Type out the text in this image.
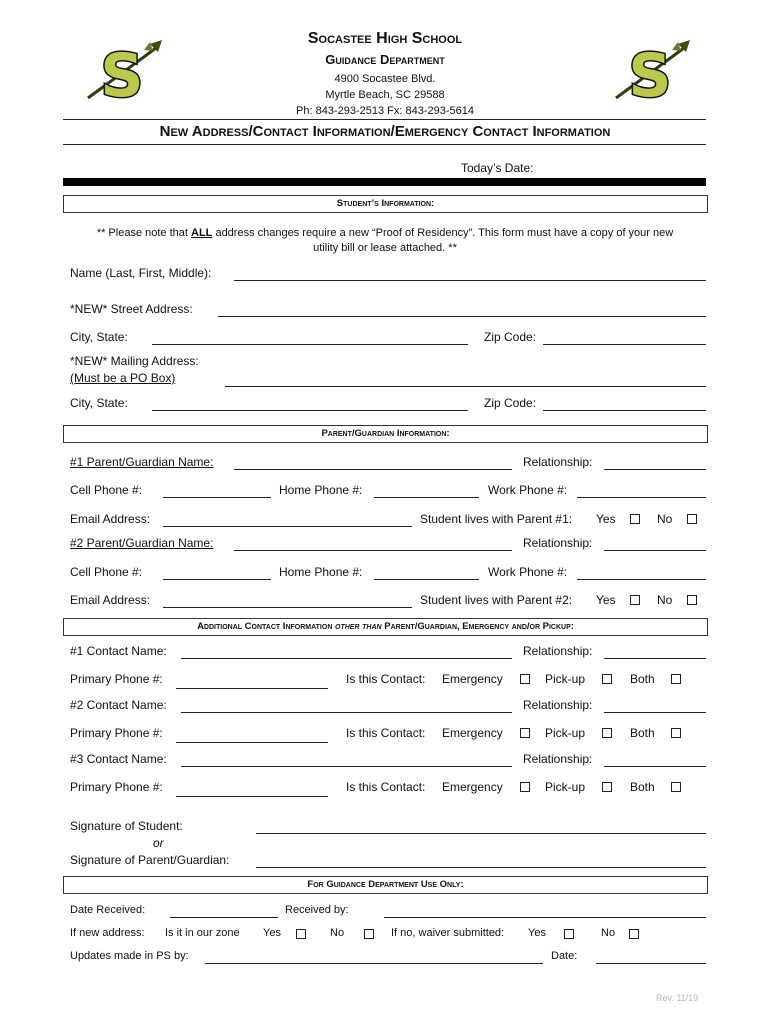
S	S
Socastee High School
Guidance Department
4900 Socastee Blvd.
Myrtle Beach, SC 29588
Ph: 843-293-2513 Fx: 843-293-5614
New Address/Contact Information/Emergency Contact Information
Today’s Date:
Student’s Information:
** Please note that ALL address changes require a new “Proof of Residency”. This form must have a copy of your new
utility bill or lease attached. **
Name (Last, First, Middle):
*NEW* Street Address:
City, State:	Zip Code:
*NEW* Mailing Address:
(Must be a PO Box)
City, State:	Zip Code:
Parent/Guardian Information:
#1 Parent/Guardian Name:	Relationship:
Cell Phone #:	Home Phone #:	Work Phone #:
Email Address:	Student lives with Parent #1: Yes	No
#2 Parent/Guardian Name:	Relationship:
Cell Phone #:	Home Phone #:	Work Phone #:
Email Address:	Student lives with Parent #2: Yes	No
Additional Contact Information other than Parent/Guardian, Emergency and/or Pickup:
#1 Contact Name:	Relationship:
Primary Phone #:	Is this Contact: Emergency	Pick-up	Both
#2 Contact Name:	Relationship:
Primary Phone #:	Is this Contact: Emergency	Pick-up	Both
#3 Contact Name:	Relationship:
Primary Phone #:	Is this Contact: Emergency	Pick-up	Both
Signature of Student:
or
Signature of Parent/Guardian:
For Guidance Department Use Only:
Date Received:	Received by:
If new address: Is it in our zone Yes	No	If no, waiver submitted: Yes	No
Updates made in PS by:	Date:
Rev. 11/19
